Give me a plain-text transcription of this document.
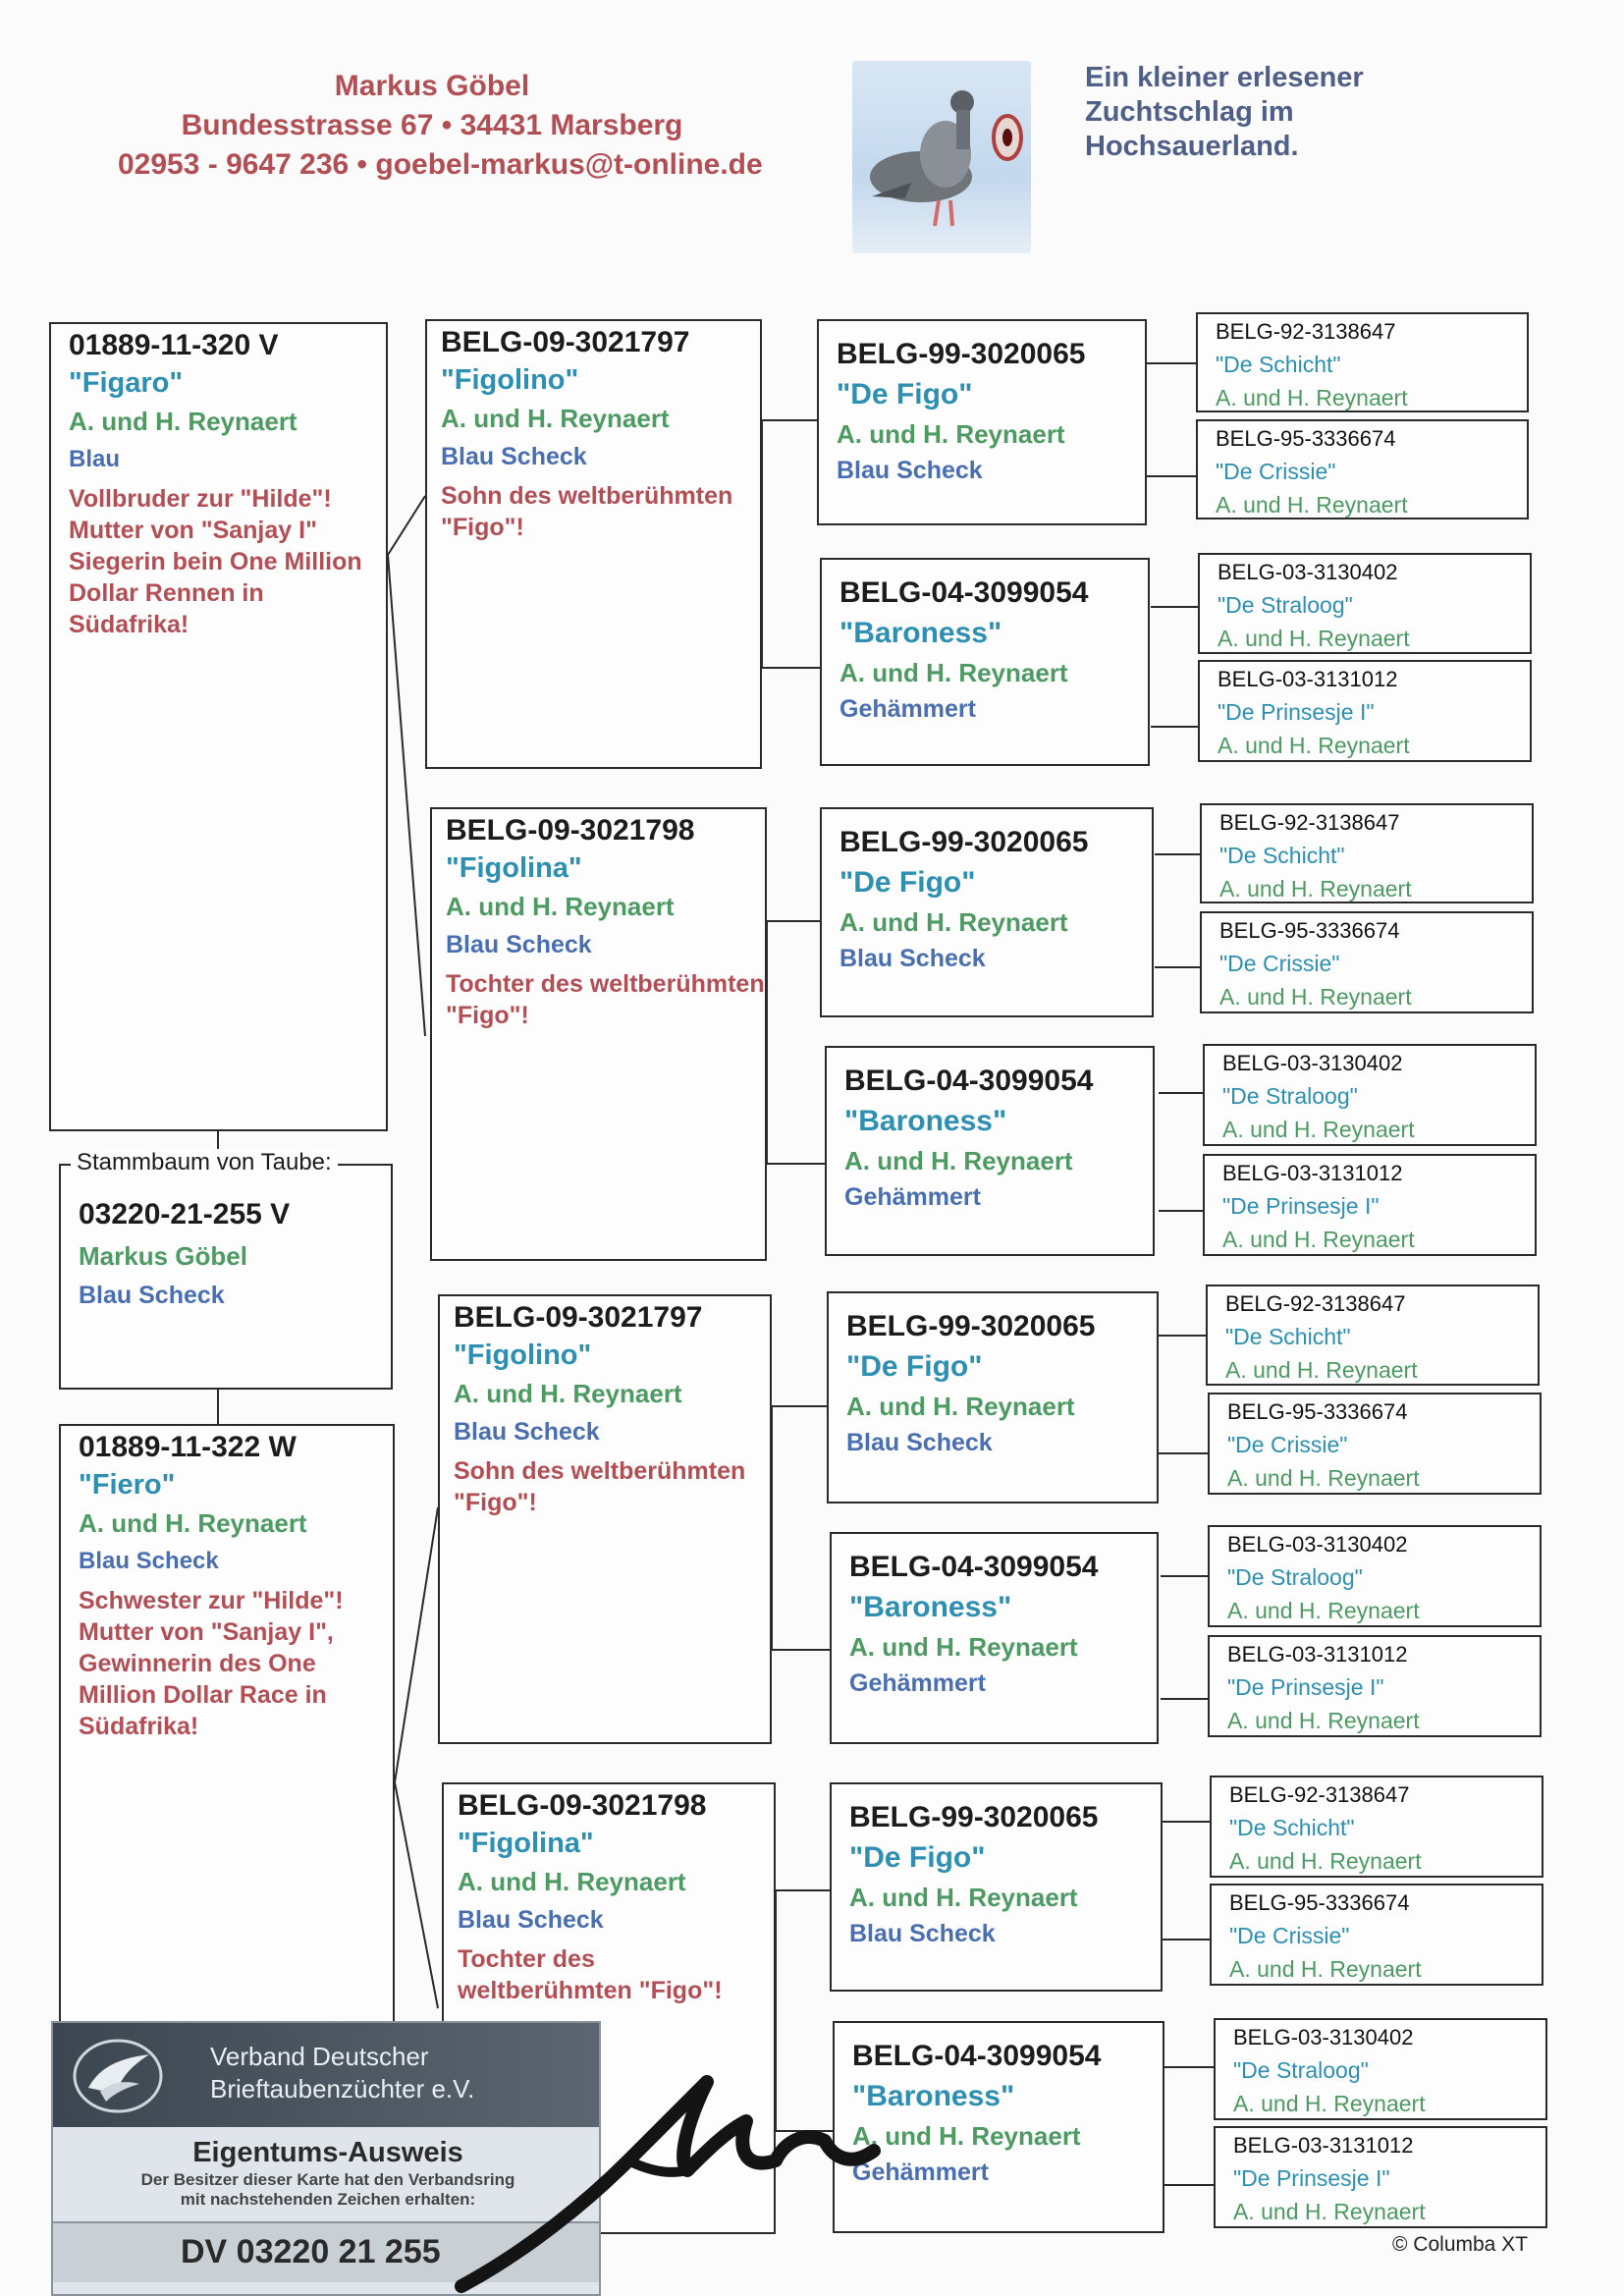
Markus Göbel
Bundesstrasse 67 • 34431 Marsberg
02953 - 9647 236 • goebel-markus@t-online.de
Ein kleiner erlesener
Zuchtschlag im
Hochsauerland.
01889-11-320 V
"Figaro"
A. und H. Reynaert
Blau
Vollbruder zur "Hilde"! Mutter von "Sanjay I" Siegerin bein One Million Dollar Rennen in Südafrika!
03220-21-255 V
Markus Göbel
Blau Scheck
Stammbaum von Taube:
01889-11-322 W
"Fiero"
A. und H. Reynaert
Blau Scheck
Schwester zur "Hilde"! Mutter von "Sanjay I", Gewinnerin des One Million Dollar Race in Südafrika!
BELG-09-3021797
"Figolino"
A. und H. Reynaert
Blau Scheck
Sohn des weltberühmten "Figo"!
BELG-09-3021798
"Figolina"
A. und H. Reynaert
Blau Scheck
Tochter des weltberühmten "Figo"!
BELG-09-3021797
"Figolino"
A. und H. Reynaert
Blau Scheck
Sohn des weltberühmten "Figo"!
BELG-09-3021798
"Figolina"
A. und H. Reynaert
Blau Scheck
Tochter des weltberühmten "Figo"!
BELG-99-3020065
"De Figo"
A. und H. Reynaert
Blau Scheck
BELG-04-3099054
"Baroness"
A. und H. Reynaert
Gehämmert
BELG-99-3020065
"De Figo"
A. und H. Reynaert
Blau Scheck
BELG-04-3099054
"Baroness"
A. und H. Reynaert
Gehämmert
BELG-99-3020065
"De Figo"
A. und H. Reynaert
Blau Scheck
BELG-04-3099054
"Baroness"
A. und H. Reynaert
Gehämmert
BELG-99-3020065
"De Figo"
A. und H. Reynaert
Blau Scheck
BELG-04-3099054
"Baroness"
A. und H. Reynaert
Gehämmert
BELG-92-3138647
"De Schicht"
A. und H. Reynaert
BELG-95-3336674
"De Crissie"
A. und H. Reynaert
BELG-03-3130402
"De Straloog"
A. und H. Reynaert
BELG-03-3131012
"De Prinsesje I"
A. und H. Reynaert
BELG-92-3138647
"De Schicht"
A. und H. Reynaert
BELG-95-3336674
"De Crissie"
A. und H. Reynaert
BELG-03-3130402
"De Straloog"
A. und H. Reynaert
BELG-03-3131012
"De Prinsesje I"
A. und H. Reynaert
BELG-92-3138647
"De Schicht"
A. und H. Reynaert
BELG-95-3336674
"De Crissie"
A. und H. Reynaert
BELG-03-3130402
"De Straloog"
A. und H. Reynaert
BELG-03-3131012
"De Prinsesje I"
A. und H. Reynaert
BELG-92-3138647
"De Schicht"
A. und H. Reynaert
BELG-95-3336674
"De Crissie"
A. und H. Reynaert
BELG-03-3130402
"De Straloog"
A. und H. Reynaert
BELG-03-3131012
"De Prinsesje I"
A. und H. Reynaert
Verband Deutscher
Brieftaubenzüchter e.V.
Eigentums-Ausweis
Der Besitzer dieser Karte hat den Verbandsring
mit nachstehenden Zeichen erhalten:
DV 03220 21 255	© Columba XT
